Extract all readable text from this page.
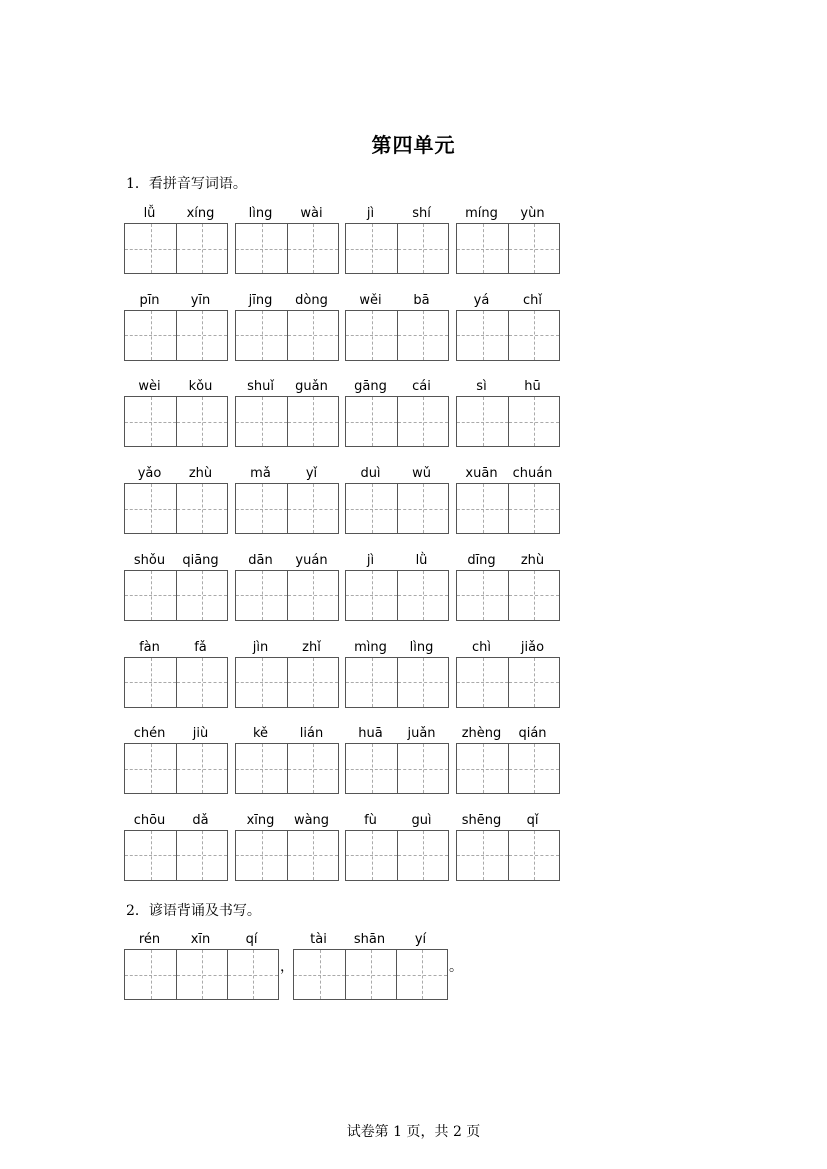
第四单元
1．看拼音写词语。
lǚ	xíng	lìng	wài	jì	shí	míng	yùn
pīn	yīn	jīng	dòng	wěi	bā	yá	chǐ
wèi	kǒu	shuǐ	guǎn	gāng	cái	sì	hū
yǎo	zhù	mǎ	yǐ	duì	wǔ	xuān	chuán
shǒu	qiāng	dān	yuán	jì	lǜ	dīng	zhù
fàn	fǎ	jìn	zhǐ	mìng	lìng	chì	jiǎo
chén	jiù	kě	lián	huā	juǎn	zhèng	qián
chōu	dǎ	xīng	wàng	fù	guì	shēng	qǐ
2．谚语背诵及书写。
rén	xīn	qí	tài	shān	yí
，	。
试卷第 1 页，共 2 页
